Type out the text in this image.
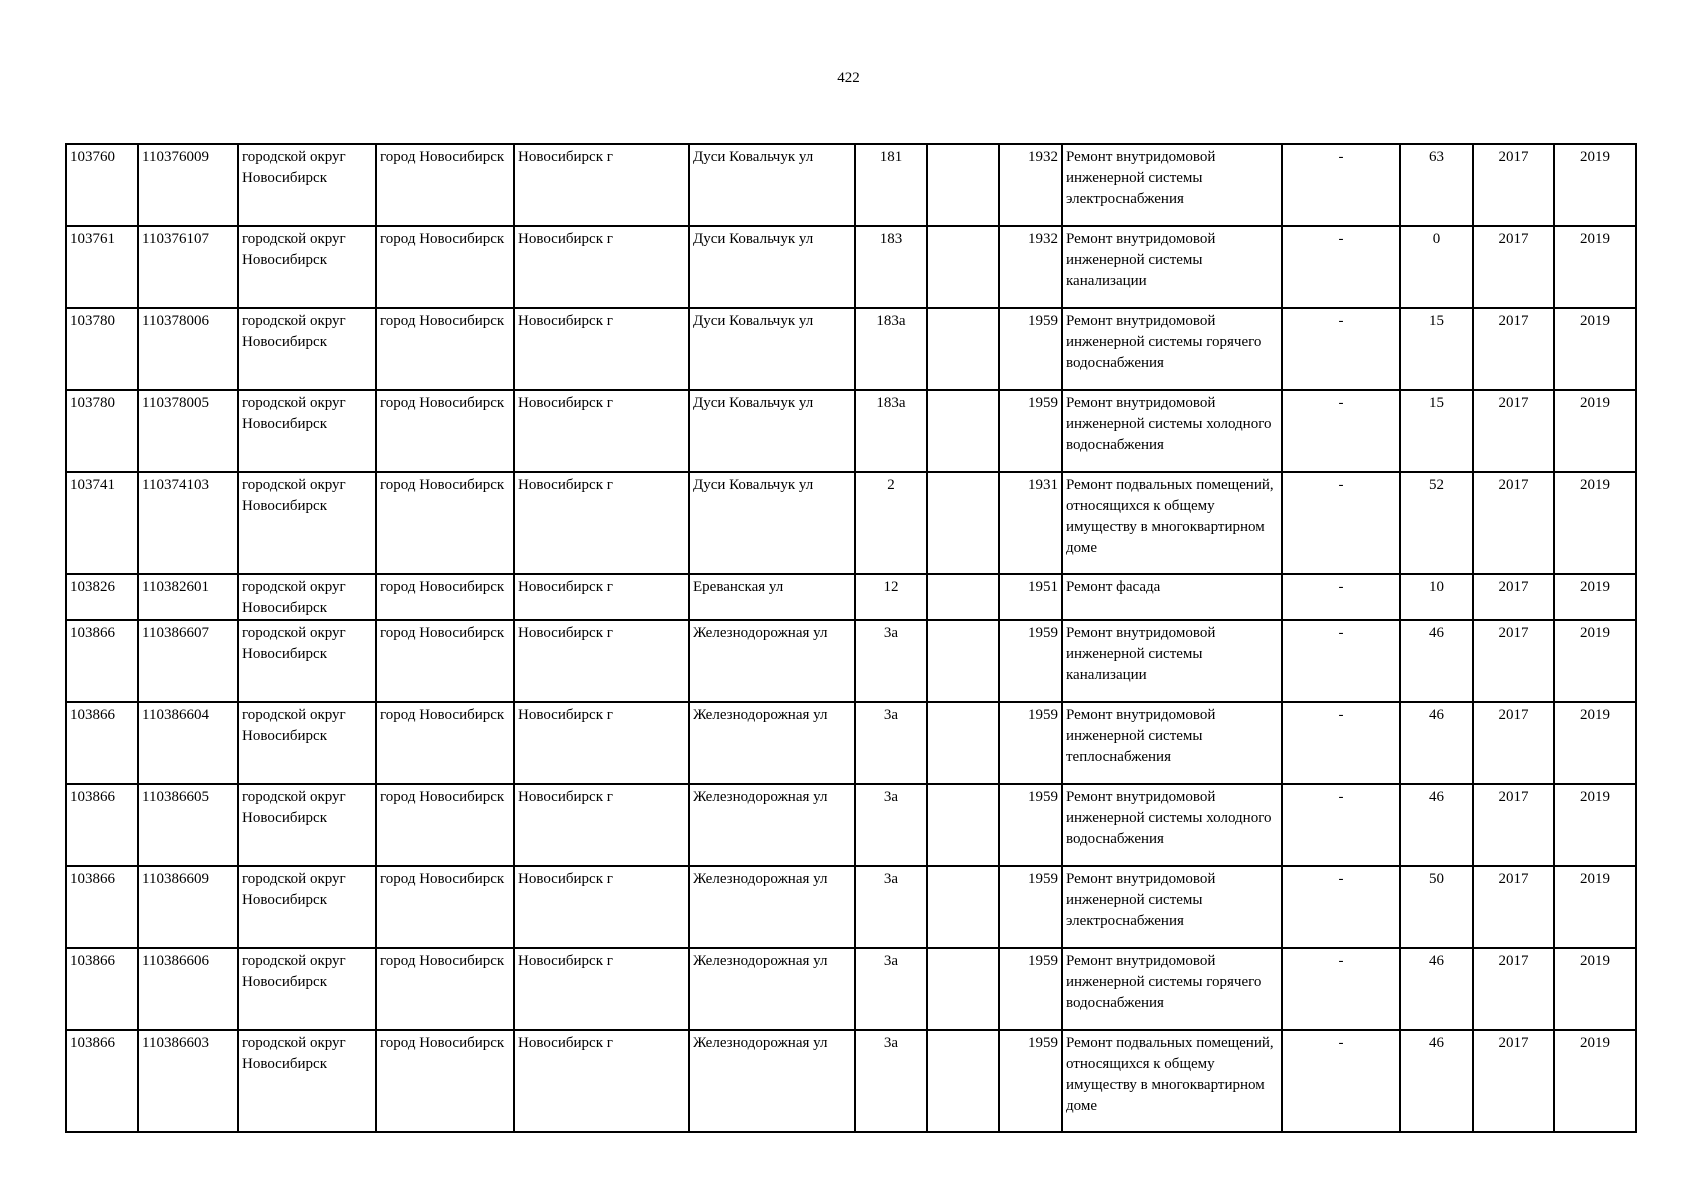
422
103760	110376009	городской округ Новосибирск	город Новосибирск	Новосибирск г	Дуси Ковальчук ул	181		1932	Ремонт внутридомовой инженерной системы электроснабжения	-	63	2017	2019
103761	110376107	городской округ Новосибирск	город Новосибирск	Новосибирск г	Дуси Ковальчук ул	183		1932	Ремонт внутридомовой инженерной системы канализации	-	0	2017	2019
103780	110378006	городской округ Новосибирск	город Новосибирск	Новосибирск г	Дуси Ковальчук ул	183а		1959	Ремонт внутридомовой инженерной системы горячего водоснабжения	-	15	2017	2019
103780	110378005	городской округ Новосибирск	город Новосибирск	Новосибирск г	Дуси Ковальчук ул	183а		1959	Ремонт внутридомовой инженерной системы холодного водоснабжения	-	15	2017	2019
103741	110374103	городской округ Новосибирск	город Новосибирск	Новосибирск г	Дуси Ковальчук ул	2		1931	Ремонт подвальных помещений, относящихся к общему имуществу в многоквартирном доме	-	52	2017	2019
103826	110382601	городской округ Новосибирск	город Новосибирск	Новосибирск г	Ереванская ул	12		1951	Ремонт фасада	-	10	2017	2019
103866	110386607	городской округ Новосибирск	город Новосибирск	Новосибирск г	Железнодорожная ул	3а		1959	Ремонт внутридомовой инженерной системы канализации	-	46	2017	2019
103866	110386604	городской округ Новосибирск	город Новосибирск	Новосибирск г	Железнодорожная ул	3а		1959	Ремонт внутридомовой инженерной системы теплоснабжения	-	46	2017	2019
103866	110386605	городской округ Новосибирск	город Новосибирск	Новосибирск г	Железнодорожная ул	3а		1959	Ремонт внутридомовой инженерной системы холодного водоснабжения	-	46	2017	2019
103866	110386609	городской округ Новосибирск	город Новосибирск	Новосибирск г	Железнодорожная ул	3а		1959	Ремонт внутридомовой инженерной системы электроснабжения	-	50	2017	2019
103866	110386606	городской округ Новосибирск	город Новосибирск	Новосибирск г	Железнодорожная ул	3а		1959	Ремонт внутридомовой инженерной системы горячего водоснабжения	-	46	2017	2019
103866	110386603	городской округ Новосибирск	город Новосибирск	Новосибирск г	Железнодорожная ул	3а		1959	Ремонт подвальных помещений, относящихся к общему имуществу в многоквартирном доме	-	46	2017	2019
